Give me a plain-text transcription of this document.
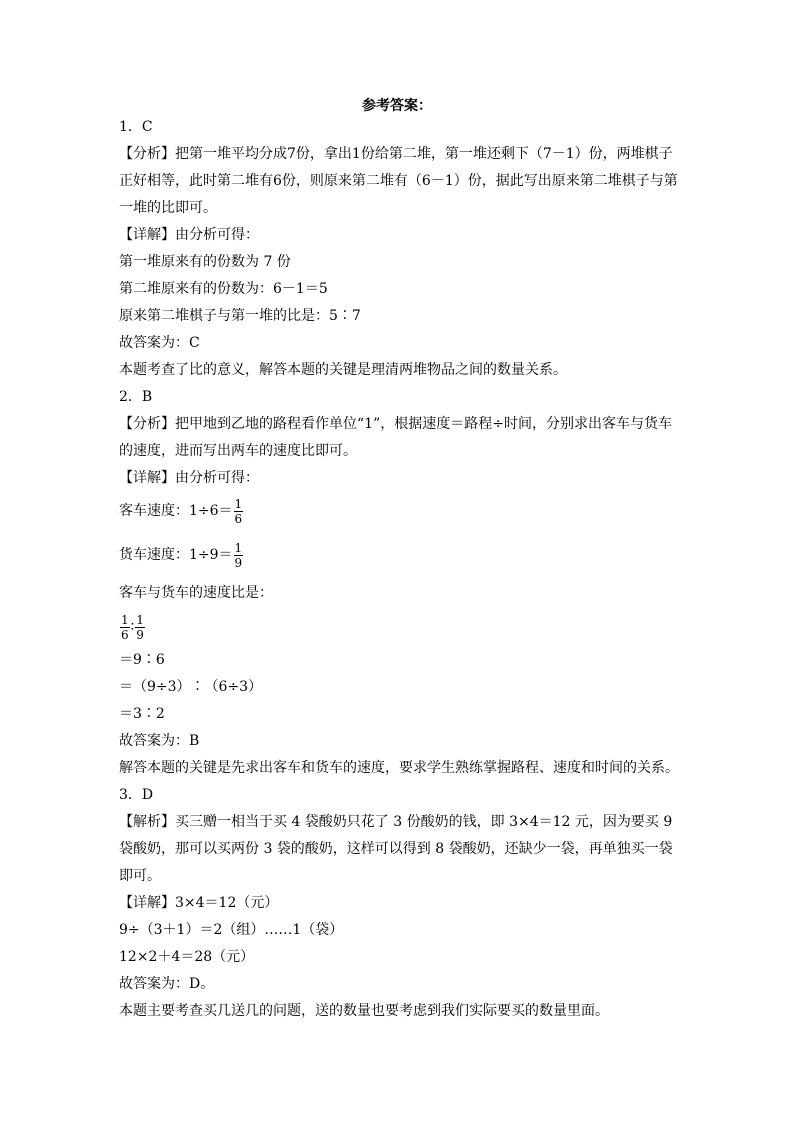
参考答案：
1．C
【分析】把第一堆平均分成7份，拿出1份给第二堆，第一堆还剩下（7－1）份，两堆棋子正好相等，此时第二堆有6份，则原来第二堆有（6－1）份，据此写出原来第二堆棋子与第一堆的比即可。
【详解】由分析可得：
第一堆原来有的份数为 7 份
第二堆原来有的份数为：6－1＝5
原来第二堆棋子与第一堆的比是：5∶7
故答案为：C
本题考查了比的意义，解答本题的关键是理清两堆物品之间的数量关系。
2．B
【分析】把甲地到乙地的路程看作单位“1”，根据速度＝路程÷时间，分别求出客车与货车的速度，进而写出两车的速度比即可。
【详解】由分析可得：
客车速度：$1\div 6= \frac{1}{6}$
货车速度：$1\div 9= \frac{1}{9}$
客车与货车的速度比是：
$\frac{1}{6}$ ∶ $\frac{1}{9}$
＝9∶6
＝（9÷3）∶（6÷3）
＝3∶2
故答案为：B
解答本题的关键是先求出客车和货车的速度，要求学生熟练掌握路程、速度和时间的关系。
3．D
【解析】买三赠一相当于买 4 袋酸奶只花了 3 份酸奶的钱，即 3×4＝12 元，因为要买 9 袋酸奶，那可以买两份 3 袋的酸奶，这样可以得到 8 袋酸奶，还缺少一袋，再单独买一袋即可。
【详解】3×4＝12（元）
9÷（3＋1）＝2（组）……1（袋）
12×2＋4＝28（元）
故答案为：D。
本题主要考查买几送几的问题，送的数量也要考虑到我们实际要买的数量里面。
